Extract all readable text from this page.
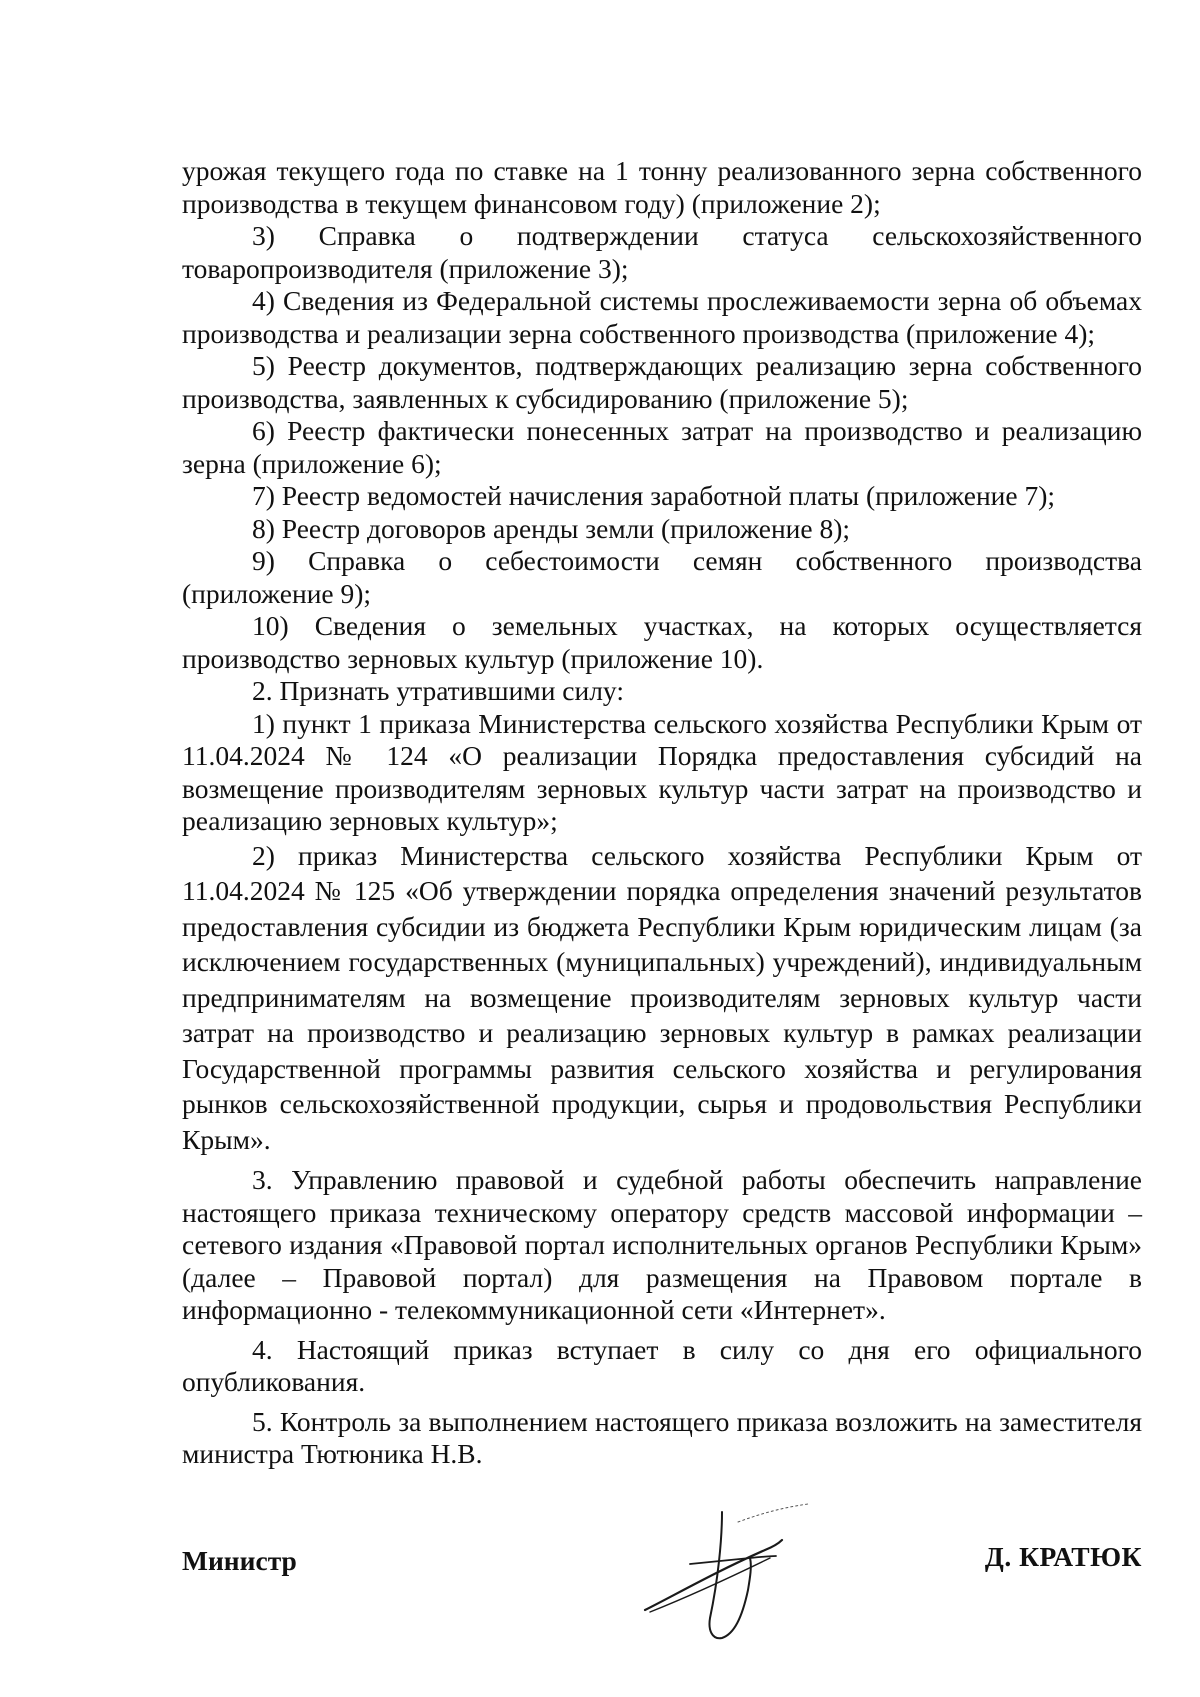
урожая текущего года по ставке на 1 тонну реализованного зерна собственного производства в текущем финансовом году) (приложение 2);

3) Справка о подтверждении статуса сельскохозяйственного товаропроизводителя (приложение 3);

4) Сведения из Федеральной системы прослеживаемости зерна об объемах производства и реализации зерна собственного производства (приложение 4);

5) Реестр документов, подтверждающих реализацию зерна собственного производства, заявленных к субсидированию (приложение 5);

6) Реестр фактически понесенных затрат на производство и реализацию зерна (приложение 6);

7) Реестр ведомостей начисления заработной платы (приложение 7);

8) Реестр договоров аренды земли (приложение 8);

9) Справка о себестоимости семян собственного производства (приложение 9);

10) Сведения о земельных участках, на которых осуществляется производство зерновых культур (приложение 10).

2. Признать утратившими силу:

1) пункт 1 приказа Министерства сельского хозяйства Республики Крым от 11.04.2024 № 124 «О реализации Порядка предоставления субсидий на возмещение производителям зерновых культур части затрат на производство и реализацию зерновых культур»;

2) приказ Министерства сельского хозяйства Республики Крым от 11.04.2024 № 125 «Об утверждении порядка определения значений результатов предоставления субсидии из бюджета Республики Крым юридическим лицам (за исключением государственных (муниципальных) учреждений), индивидуальным предпринимателям на возмещение производителям зерновых культур части затрат на производство и реализацию зерновых культур в рамках реализации Государственной программы развития сельского хозяйства и регулирования рынков сельскохозяйственной продукции, сырья и продовольствия Республики Крым».

3. Управлению правовой и судебной работы обеспечить направление настоящего приказа техническому оператору средств массовой информации – сетевого издания «Правовой портал исполнительных органов Республики Крым» (далее – Правовой портал) для размещения на Правовом портале в информационно - телекоммуникационной сети «Интернет».

4. Настоящий приказ вступает в силу со дня его официального опубликования.

5. Контроль за выполнением настоящего приказа возложить на заместителя министра Тютюника Н.В.

Министр	Д. КРАТЮК
